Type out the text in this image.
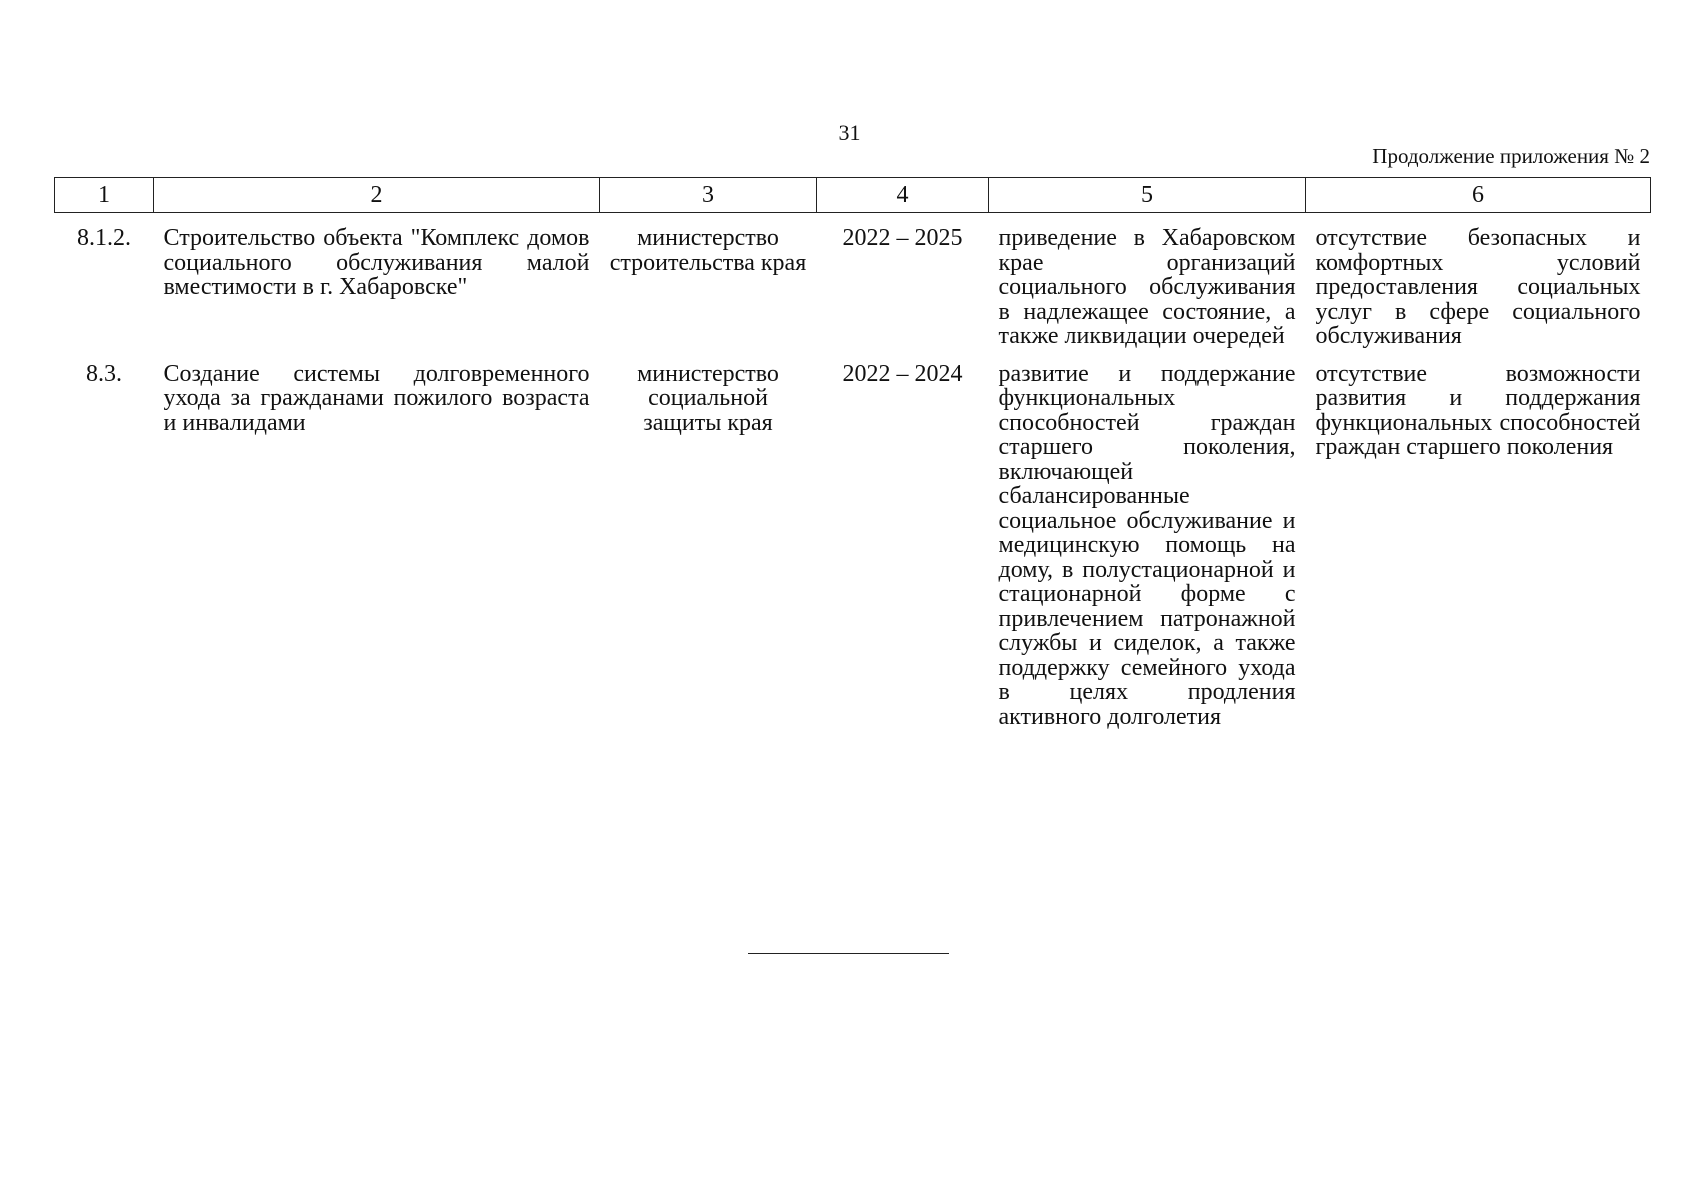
31
Продолжение приложения № 2
1	2	3	4	5	6
8.1.2.	Строительство объекта "Комплекс домов социального обслуживания малой вместимости в г. Хабаровске"	министерство строительства края	2022 – 2025	приведение в Хабаровском крае организаций социального обслуживания в надлежащее состояние, а также ликвидации очередей	отсутствие безопасных и комфортных условий предоставления социальных услуг в сфере социального обслуживания
8.3.	Создание системы долговременного ухода за гражданами пожилого возраста и инвалидами	министерство социальной защиты края	2022 – 2024	развитие и поддержание функциональных способностей граждан старшего поколения, включающей сбалансированные социальное обслуживание и медицинскую помощь на дому, в полустационарной и стационарной форме с привлечением патронажной службы и сиделок, а также поддержку семейного ухода в целях продления активного долголетия	отсутствие возможности развития и поддержания функциональных способностей граждан старшего поколения
